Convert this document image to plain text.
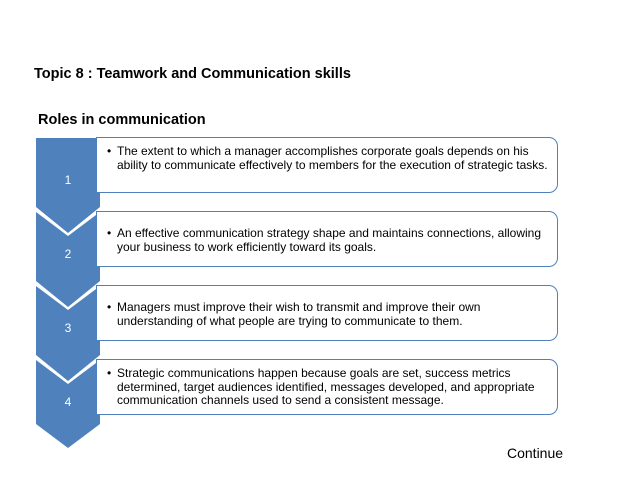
Topic 8 : Teamwork and Communication skills
Roles in communication
1
2
3
4
• The extent to which a manager accomplishes corporate goals depends on his ability to communicate effectively to members for the execution of strategic tasks.
• An effective communication strategy shape and maintains connections, allowing your business to work efficiently toward its goals.
• Managers must improve their wish to transmit and improve their own understanding of what people are trying to communicate to them.
• Strategic communications happen because goals are set, success metrics determined, target audiences identified, messages developed, and appropriate communication channels used to send a consistent message.
Continue
